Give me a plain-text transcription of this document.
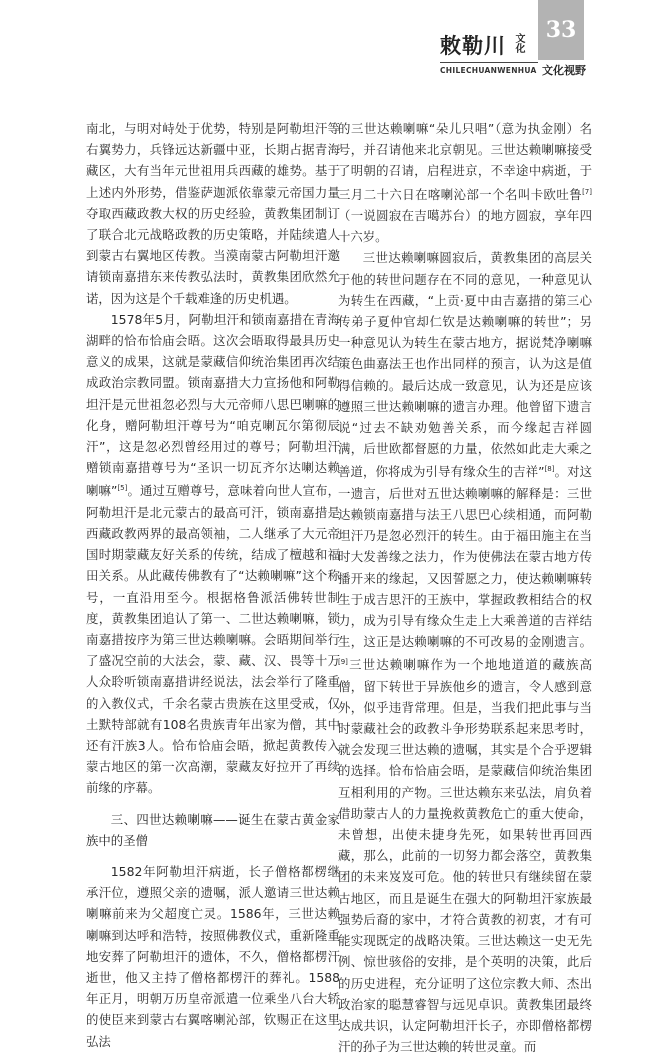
敕勒川 文化
CHILECHUANWENHUA
33
文化视野

南北，与明对峙处于优势，特别是阿勒坦汗等右翼势力，兵锋远达新疆中亚，长期占据青海藏区，大有当年元世祖用兵西藏的雄势。基于上述内外形势，借鉴萨迦派依靠蒙元帝国力量夺取西藏政教大权的历史经验，黄教集团制订了联合北元战略政教的历史策略，并陆续遣人到蒙古右翼地区传教。当漠南蒙古阿勒坦汗邀请锁南嘉措东来传教弘法时，黄教集团欣然允诺，因为这是个千载难逢的历史机遇。

1578年5月，阿勒坦汗和锁南嘉措在青海湖畔的恰布恰庙会晤。这次会晤取得最具历史意义的成果，这就是蒙藏信仰统治集团再次结成政治宗教同盟。锁南嘉措大力宣扬他和阿勒坦汗是元世祖忽必烈与大元帝师八思巴喇嘛的化身，赠阿勒坦汗尊号为“咱克喇瓦尔第彻辰汗”，这是忽必烈曾经用过的尊号；阿勒坦汗赠锁南嘉措尊号为“圣识一切瓦齐尔达喇达赖喇嘛”[5]。通过互赠尊号，意味着向世人宣布，阿勒坦汗是北元蒙古的最高可汗，锁南嘉措是西藏政教两界的最高领袖，二人继承了大元帝国时期蒙藏友好关系的传统，结成了檀越和福田关系。从此藏传佛教有了“达赖喇嘛”这个称号，一直沿用至今。根据格鲁派活佛转世制度，黄教集团追认了第一、二世达赖喇嘛，锁南嘉措按序为第三世达赖喇嘛。会晤期间举行了盛况空前的大法会，蒙、藏、汉、畏等十万人众聆听锁南嘉措讲经说法，法会举行了隆重的入教仪式，千余名蒙古贵族在这里受戒，仅土默特部就有108名贵族青年出家为僧，其中还有汗族3人。恰布恰庙会晤，掀起黄教传入蒙古地区的第一次高潮，蒙藏友好拉开了再续前缘的序幕。

三、四世达赖喇嘛——诞生在蒙古黄金家族中的圣僧

1582年阿勒坦汗病逝，长子僧格都楞继承汗位，遵照父亲的遗嘱，派人邀请三世达赖喇嘛前来为父超度亡灵。1586年，三世达赖喇嘛到达呼和浩特，按照佛教仪式，重新隆重地安葬了阿勒坦汗的遗体，不久，僧格都楞汗逝世，他又主持了僧格都楞汗的葬礼。1588年正月，明朝万历皇帝派遣一位乘坐八台大轿的使臣来到蒙古右翼喀喇沁部，钦赐正在这里弘法

的三世达赖喇嘛“朵儿只唱”（意为执金刚）名号，并召请他来北京朝见。三世达赖喇嘛接受了明朝的召请，启程进京，不幸途中病逝，于三月二十六日在喀喇沁部一个名叫卡欧吐鲁[7]（一说圆寂在吉噶苏台）的地方圆寂，享年四十六岁。

三世达赖喇嘛圆寂后，黄教集团的高层关于他的转世问题存在不同的意见，一种意见认为转生在西藏，“上贡·夏中由吉嘉措的第三心传弟子夏仲官却仁钦是达赖喇嘛的转世”；另一种意见认为转生在蒙古地方，据说梵净喇嘛策色曲嘉法王也作出同样的预言，认为这是值得信赖的。最后达成一致意见，认为还是应该遵照三世达赖喇嘛的遗言办理。他曾留下遗言说“过去不缺劝勉善关系，而今缘起吉祥圆满，后世欧都督愿的力量，依然如此走大乘之善道，你将成为引导有缘众生的吉祥”[8]。对这一遗言，后世对五世达赖喇嘛的解释是：三世达赖锁南嘉措与法王八思巴心续相通，而阿勒坦汗乃是忽必烈汗的转生。由于福田施主在当时大发善缘之法力，作为使佛法在蒙古地方传播开来的缘起，又因誓愿之力，使达赖喇嘛转生于成吉思汗的王族中，掌握政教相结合的权力，成为引导有缘众生走上大乘善道的吉祥结生，这正是达赖喇嘛的不可改易的金刚遗言。[9]三世达赖喇嘛作为一个地地道道的藏族高僧，留下转世于异族他乡的遗言，令人感到意外，似乎违背常理。但是，当我们把此事与当时蒙藏社会的政教斗争形势联系起来思考时，就会发现三世达赖的遗嘱，其实是个合乎逻辑的选择。恰布恰庙会晤，是蒙藏信仰统治集团互相利用的产物。三世达赖东来弘法，肩负着借助蒙古人的力量挽救黄教危亡的重大使命，未曾想，出使未捷身先死，如果转世再回西藏，那么，此前的一切努力都会落空，黄教集团的未来岌岌可危。他的转世只有继续留在蒙古地区，而且是诞生在强大的阿勒坦汗家族最强势后裔的家中，才符合黄教的初衷，才有可能实现既定的战略决策。三世达赖这一史无先例、惊世骇俗的安排，是个英明的决策，此后的历史进程，充分证明了这位宗教大师、杰出政治家的聪慧睿智与远见卓识。黄教集团最终达成共识，认定阿勒坦汗长子，亦即僧格都楞汗的孙子为三世达赖的转世灵童。而
